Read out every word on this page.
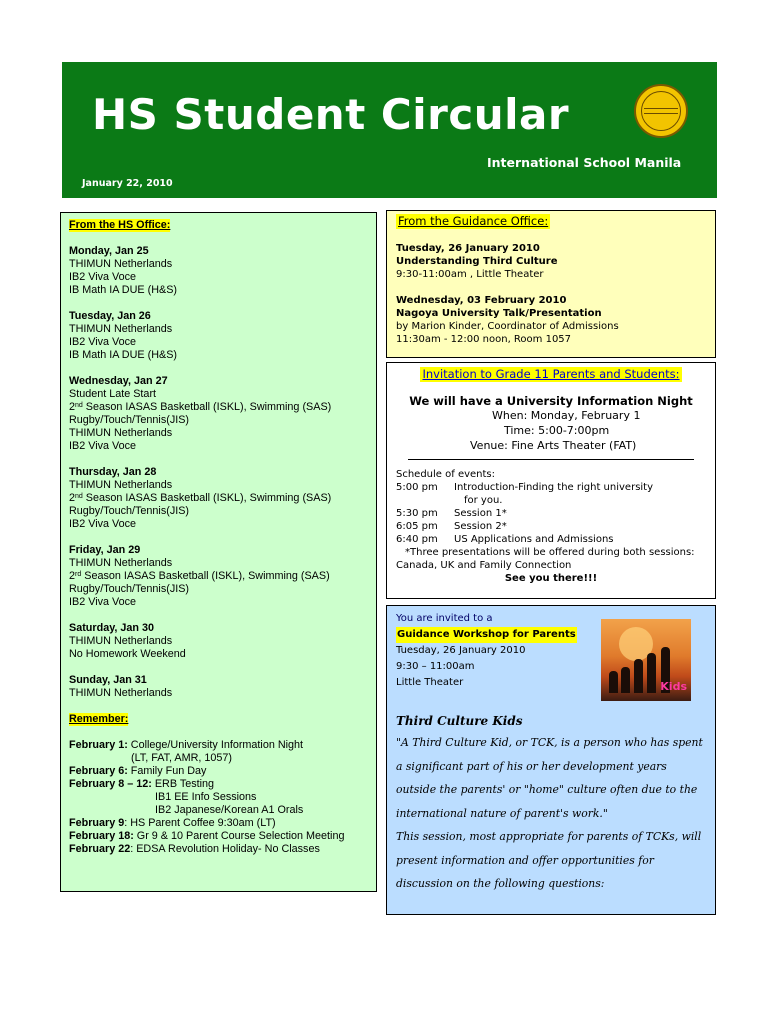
HS Student Circular
International School Manila
January 22, 2010
From the HS Office:
Monday, Jan 25
THIMUN Netherlands
IB2 Viva Voce
IB Math IA DUE (H&S)
Tuesday, Jan 26
THIMUN Netherlands
IB2 Viva Voce
IB Math IA DUE (H&S)
Wednesday, Jan 27
Student Late Start
2nd Season IASAS Basketball (ISKL), Swimming (SAS)
Rugby/Touch/Tennis(JIS)
THIMUN Netherlands
IB2 Viva Voce
Thursday, Jan 28
THIMUN Netherlands
2nd Season IASAS Basketball (ISKL), Swimming (SAS)
Rugby/Touch/Tennis(JIS)
IB2 Viva Voce
Friday, Jan 29
THIMUN Netherlands
2rd Season IASAS Basketball (ISKL), Swimming (SAS)
Rugby/Touch/Tennis(JIS)
IB2 Viva Voce
Saturday, Jan 30
THIMUN Netherlands
No Homework Weekend
Sunday, Jan 31
THIMUN Netherlands
Remember:
February 1: College/University Information Night
(LT, FAT, AMR, 1057)
February 6: Family Fun Day
February 8 – 12: ERB Testing
IB1 EE Info Sessions
IB2 Japanese/Korean A1 Orals
February 9: HS Parent Coffee 9:30am (LT)
February 18: Gr 9 & 10 Parent Course Selection Meeting
February 22: EDSA Revolution Holiday- No Classes
From the Guidance Office:
Tuesday, 26 January 2010
Understanding Third Culture
9:30-11:00am , Little Theater
Wednesday, 03 February 2010
Nagoya University Talk/Presentation
by Marion Kinder, Coordinator of Admissions
11:30am - 12:00 noon, Room 1057
Invitation to Grade 11 Parents and Students:
We will have a University Information Night
When: Monday, February 1
Time: 5:00-7:00pm
Venue: Fine Arts Theater (FAT)
Schedule of events:
5:00 pm	Introduction-Finding the right university
for you.
5:30 pm	Session 1*
6:05 pm	Session 2*
6:40 pm	US Applications and Admissions
*Three presentations will be offered during both sessions:
Canada, UK and Family Connection
See you there!!!
You are invited to a
Guidance Workshop for Parents
Tuesday, 26 January 2010
9:30 – 11:00am
Little Theater	Kids
Third Culture Kids

"A Third Culture Kid, or TCK, is a person who has spent a significant part of his or her development years outside the parents' or "home" culture often due to the international nature of parent's work."

This session, most appropriate for parents of TCKs, will present information and offer opportunities for discussion on the following questions:
